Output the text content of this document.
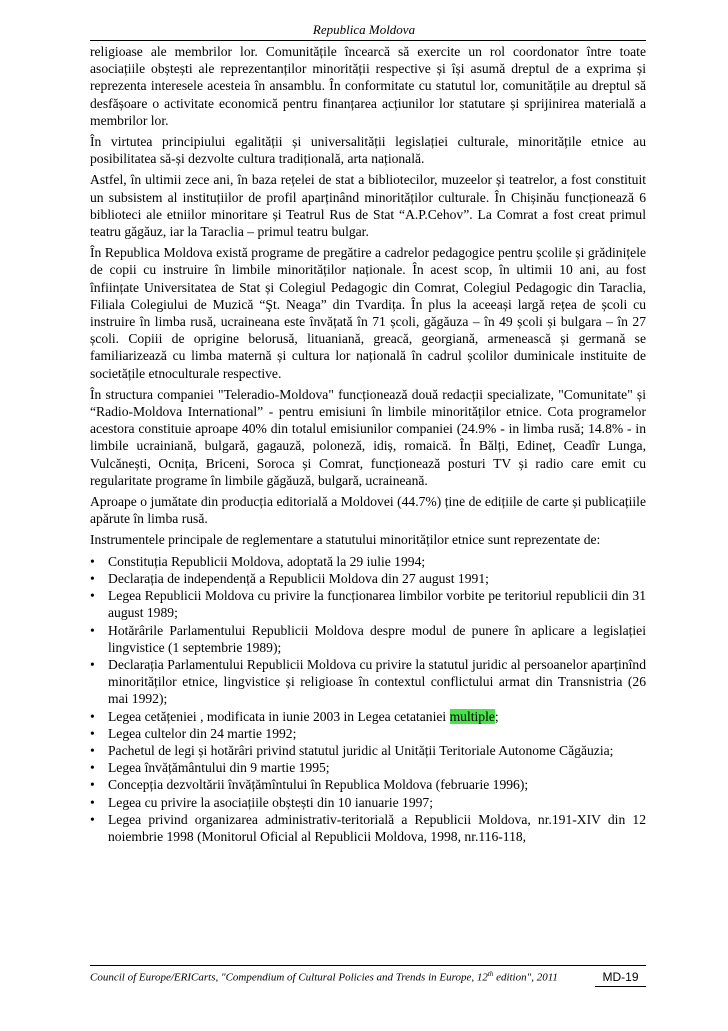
Republica Moldova

religioase ale membrilor lor. Comunitățile încearcă să exercite un rol coordonator între toate asociațiile obștești ale reprezentanților minorității respective și își asumă dreptul de a exprima și reprezenta interesele acesteia în ansamblu. În conformitate cu statutul lor, comunitățile au dreptul să desfășoare o activitate economică pentru finanțarea acțiunilor lor statutare și sprijinirea materială a membrilor lor.

În virtutea principiului egalității și universalității legislației culturale, minoritățile etnice au posibilitatea să-și dezvolte cultura tradițională, arta națională.

Astfel, în ultimii zece ani, în baza rețelei de stat a bibliotecilor, muzeelor și teatrelor, a fost constituit un subsistem al instituțiilor de profil aparținând minorităților culturale. În Chișinău funcționează 6 biblioteci ale etniilor minoritare și Teatrul Rus de Stat “A.P.Cehov”. La Comrat a fost creat primul teatru găgăuz, iar la Taraclia – primul teatru bulgar.

În Republica Moldova există programe de pregătire a cadrelor pedagogice pentru școlile și grădinițele de copii cu instruire în limbile minorităților naționale. În acest scop, în ultimii 10 ani, au fost înființate Universitatea de Stat și Colegiul Pedagogic din Comrat, Colegiul Pedagogic din Taraclia, Filiala Colegiului de Muzică “Şt. Neaga” din Tvardița. În plus la aceeași largă rețea de școli cu instruire în limba rusă, ucraineana este învățată în 71 școli, găgăuza – în 49 școli și bulgara – în 27 școli. Copiii de oprigine belorusă, lituaniană, greacă, georgiană, armenească și germană se familiarizează cu limba maternă și cultura lor națională în cadrul școlilor duminicale instituite de societățile etnoculturale respective.

În structura companiei "Teleradio-Moldova" funcționează două redacții specializate, "Comunitate" și “Radio-Moldova International” - pentru emisiuni în limbile minorităților etnice. Cota programelor acestora constituie aproape 40% din totalul emisiunilor companiei (24.9% - in limba rusă; 14.8% - in limbile ucrainiană, bulgară, gagauză, poloneză, idiș, romaică. În Bălți, Edineț, Ceadîr Lunga, Vulcănești, Ocnița, Briceni, Soroca și Comrat, funcționează posturi TV și radio care emit cu regularitate programe în limbile găgăuză, bulgară, ucraineană.

Aproape o jumătate din producția editorială a Moldovei (44.7%) ține de edițiile de carte și publicațiile apărute în limba rusă.

Instrumentele principale de reglementare a statutului minorităților etnice sunt reprezentate de:

• Constituția Republicii Moldova, adoptată la 29 iulie 1994;
• Declarația de independență a Republicii Moldova din 27 august 1991;
• Legea Republicii Moldova cu privire la funcționarea limbilor vorbite pe teritoriul republicii din 31 august 1989;
• Hotărârile Parlamentului Republicii Moldova despre modul de punere în aplicare a legislației lingvistice (1 septembrie 1989);
• Declarația Parlamentului Republicii Moldova cu privire la statutul juridic al persoanelor aparținînd minorităților etnice, lingvistice și religioase în contextul conflictului armat din Transnistria (26 mai 1992);
• Legea cetățeniei , modificata in iunie 2003 in Legea cetataniei multiple;
• Legea cultelor din 24 martie 1992;
• Pachetul de legi și hotărâri privind statutul juridic al Unității Teritoriale Autonome Căgăuzia;
• Legea învățământului din 9 martie 1995;
• Concepția dezvoltării învățămîntului în Republica Moldova (februarie 1996);
• Legea cu privire la asociațiile obștești din 10 ianuarie 1997;
• Legea privind organizarea administrativ-teritorială a Republicii Moldova, nr.191-XIV din 12 noiembrie 1998 (Monitorul Oficial al Republicii Moldova, 1998, nr.116-118,
Council of Europe/ERICarts, "Compendium of Cultural Policies and Trends in Europe, 12th edition", 2011	MD-19
